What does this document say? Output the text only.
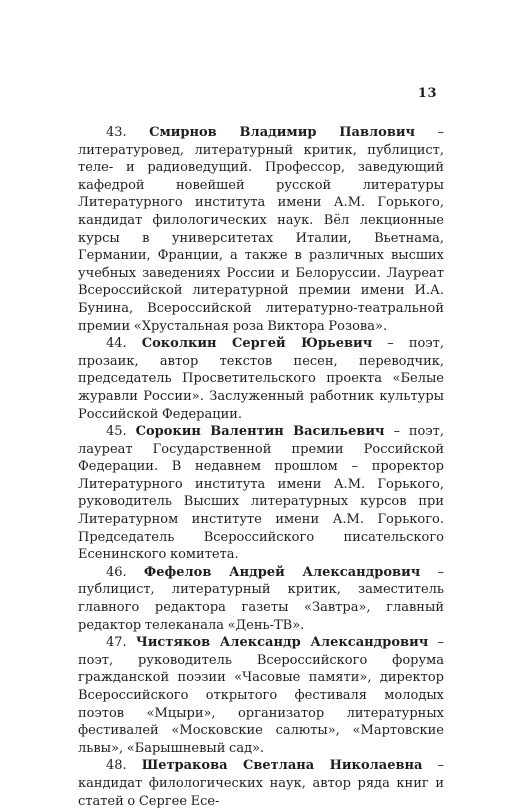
13

43. Смирнов Владимир Павлович – литературовед, литературный критик, публицист, теле- и радиоведущий. Профессор, заведующий кафедрой новейшей русской литературы Литературного института имени А.М. Горького, кандидат филологических наук. Вёл лекционные курсы в университетах Италии, Вьетнама, Германии, Франции, а также в различных высших учебных заведениях России и Белоруссии. Лауреат Всероссийской литературной премии имени И.А. Бунина, Всероссийской литературно-театральной премии «Хрустальная роза Виктора Розова».

44. Соколкин Сергей Юрьевич – поэт, прозаик, автор текстов песен, переводчик, председатель Просветительского проекта «Белые журавли России». Заслуженный работник культуры Российской Федерации.

45. Сорокин Валентин Васильевич – поэт, лауреат Государственной премии Российской Федерации. В недавнем прошлом – проректор Литературного института имени А.М. Горького, руководитель Высших литературных курсов при Литературном институте имени А.М. Горького. Председатель Всероссийского писательского Есенинского комитета.

46. Фефелов Андрей Александрович – публицист, литературный критик, заместитель главного редактора газеты «Завтра», главный редактор телеканала «День-ТВ».

47. Чистяков Александр Александрович – поэт, руководитель Всероссийского форума гражданской поэзии «Часовые памяти», директор Всероссийского открытого фестиваля молодых поэтов «Мцыри», организатор литературных фестивалей «Московские салюты», «Мартовские львы», «Барышневый сад».

48. Шетракова Светлана Николаевна – кандидат филологических наук, автор ряда книг и статей о Сергее Есе-
